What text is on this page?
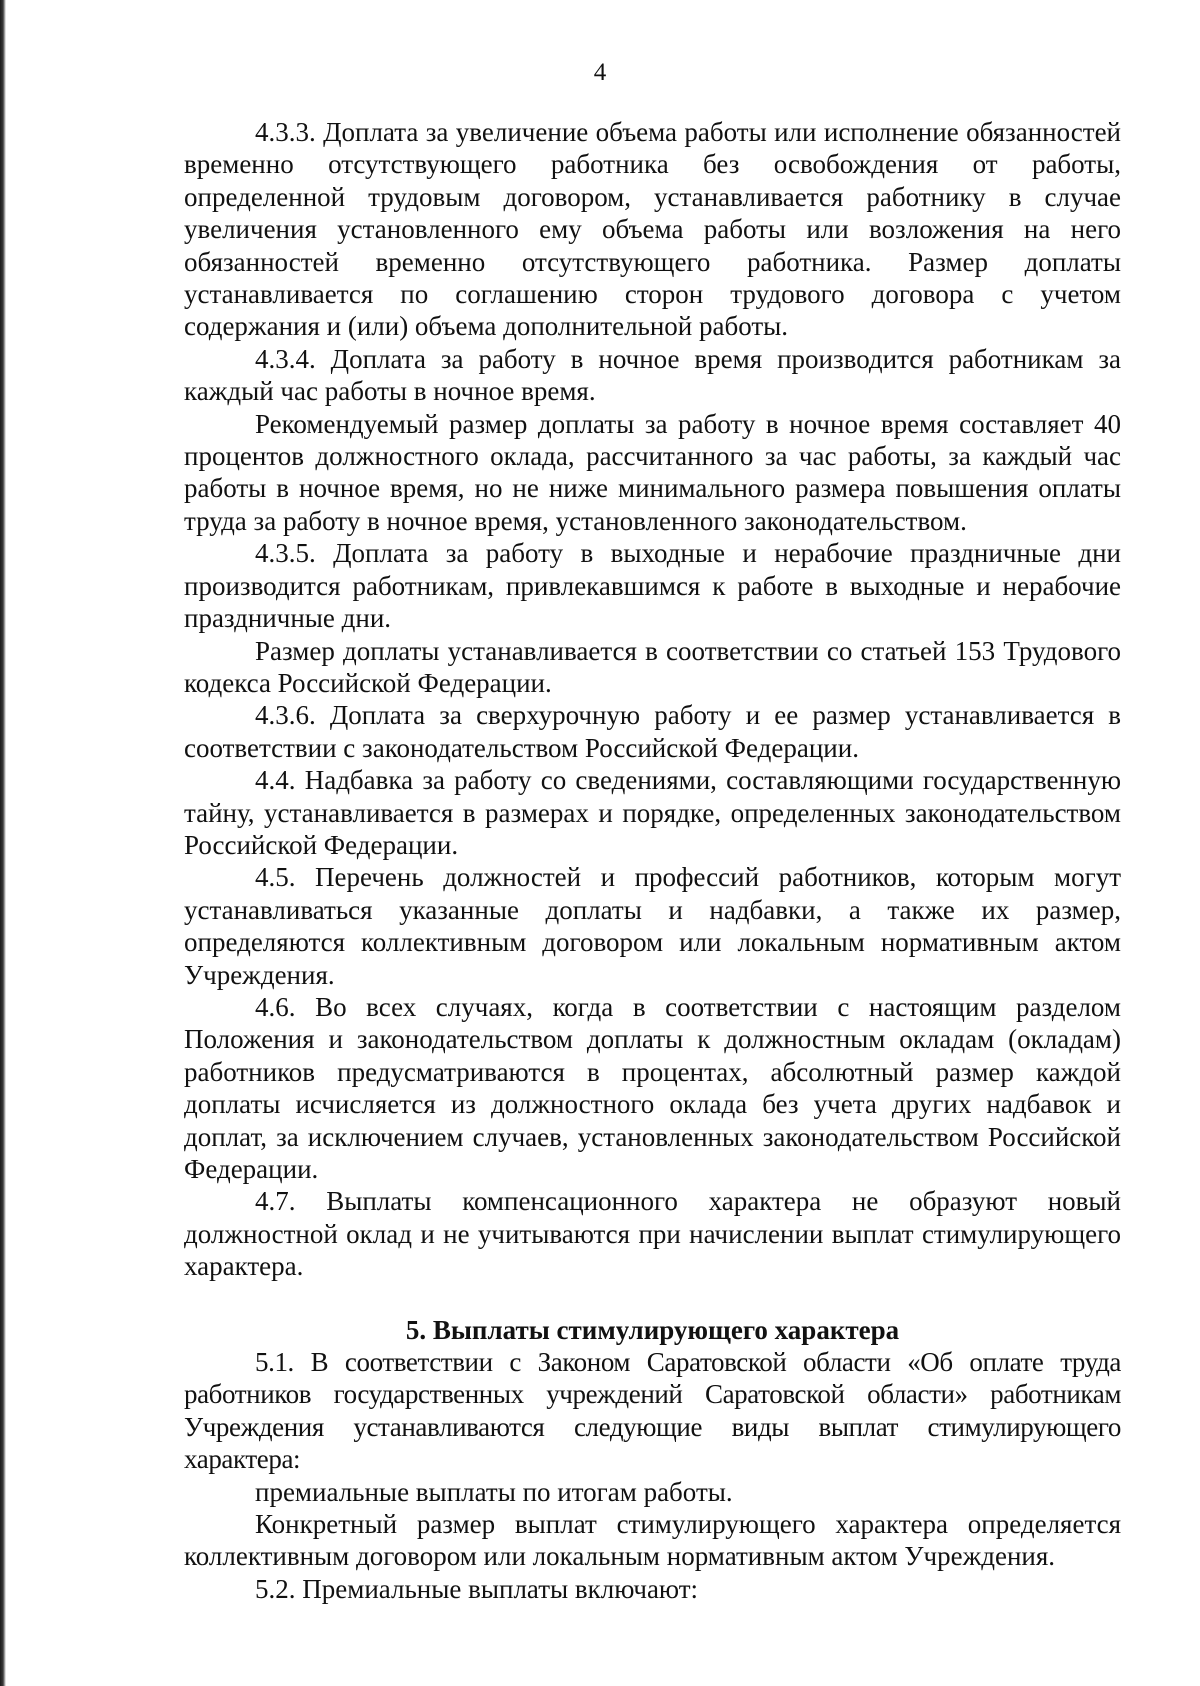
4

4.3.3. Доплата за увеличение объема работы или исполнение обязанностей временно отсутствующего работника без освобождения от работы, определенной трудовым договором, устанавливается работнику в случае увеличения установленного ему объема работы или возложения на него обязанностей временно отсутствующего работника. Размер доплаты устанавливается по соглашению сторон трудового договора с учетом содержания и (или) объема дополнительной работы.

4.3.4. Доплата за работу в ночное время производится работникам за каждый час работы в ночное время.

Рекомендуемый размер доплаты за работу в ночное время составляет 40 процентов должностного оклада, рассчитанного за час работы, за каждый час работы в ночное время, но не ниже минимального размера повышения оплаты труда за работу в ночное время, установленного законодательством.

4.3.5. Доплата за работу в выходные и нерабочие праздничные дни производится работникам, привлекавшимся к работе в выходные и нерабочие праздничные дни.

Размер доплаты устанавливается в соответствии со статьей 153 Трудового кодекса Российской Федерации.

4.3.6. Доплата за сверхурочную работу и ее размер устанавливается в соответствии с законодательством Российской Федерации.

4.4. Надбавка за работу со сведениями, составляющими государственную тайну, устанавливается в размерах и порядке, определенных законодательством Российской Федерации.

4.5. Перечень должностей и профессий работников, которым могут устанавливаться указанные доплаты и надбавки, а также их размер, определяются коллективным договором или локальным нормативным актом Учреждения.

4.6. Во всех случаях, когда в соответствии с настоящим разделом Положения и законодательством доплаты к должностным окладам (окладам) работников предусматриваются в процентах, абсолютный размер каждой доплаты исчисляется из должностного оклада без учета других надбавок и доплат, за исключением случаев, установленных законодательством Российской Федерации.

4.7. Выплаты компенсационного характера не образуют новый должностной оклад и не учитываются при начислении выплат стимулирующего характера.

5. Выплаты стимулирующего характера

5.1. В соответствии с Законом Саратовской области «Об оплате труда работников государственных учреждений Саратовской области» работникам Учреждения устанавливаются следующие виды выплат стимулирующего характера:

премиальные выплаты по итогам работы.

Конкретный размер выплат стимулирующего характера определяется коллективным договором или локальным нормативным актом Учреждения.

5.2. Премиальные выплаты включают:
